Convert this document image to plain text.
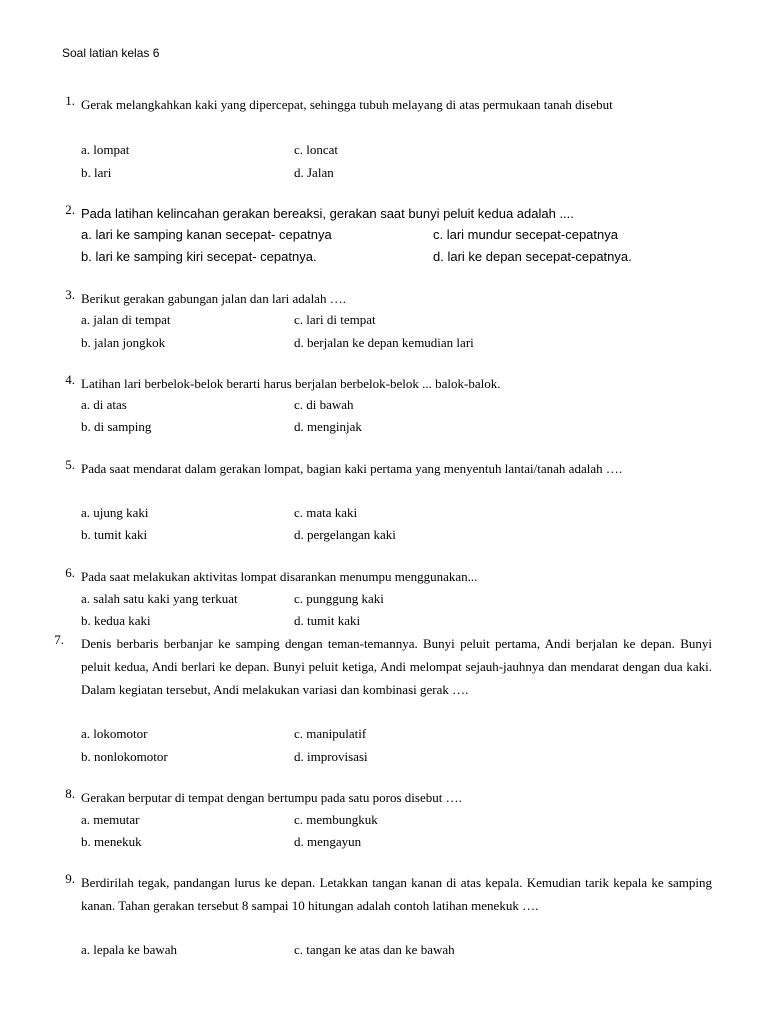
Soal latian kelas 6
1. Gerak melangkahkan kaki yang dipercepat, sehingga tubuh melayang di atas permukaan tanah disebut
a. lompat	c. loncat
b. lari	d. Jalan
2. Pada latihan kelincahan gerakan bereaksi, gerakan saat bunyi peluit kedua adalah ....
a. lari ke samping kanan secepat- cepatnya	c. lari mundur secepat-cepatnya
b. lari ke samping kiri secepat- cepatnya.	d. lari ke depan secepat-cepatnya.
3. Berikut gerakan gabungan jalan dan lari adalah ….
a. jalan di tempat	c. lari di tempat
b. jalan jongkok	d. berjalan ke depan kemudian lari
4. Latihan lari berbelok-belok berarti harus berjalan berbelok-belok ... balok-balok.
a. di atas	c. di bawah
b. di samping	d. menginjak
5. Pada saat mendarat dalam gerakan lompat, bagian kaki pertama yang menyentuh lantai/tanah adalah ….
a. ujung kaki	c. mata kaki
b. tumit kaki	d. pergelangan kaki
6. Pada saat melakukan aktivitas lompat disarankan menumpu menggunakan...
a. salah satu kaki yang terkuat	c. punggung kaki
b. kedua kaki	d. tumit kaki
7. Denis berbaris berbanjar ke samping dengan teman-temannya. Bunyi peluit pertama, Andi berjalan ke depan. Bunyi peluit kedua, Andi berlari ke depan. Bunyi peluit ketiga, Andi melompat sejauh-jauhnya dan mendarat dengan dua kaki. Dalam kegiatan tersebut, Andi melakukan variasi dan kombinasi gerak ….
a. lokomotor	c. manipulatif
b. nonlokomotor	d. improvisasi
8. Gerakan berputar di tempat dengan bertumpu pada satu poros disebut ….
a. memutar	c. membungkuk
b. menekuk	d. mengayun
9. Berdirilah tegak, pandangan lurus ke depan. Letakkan tangan kanan di atas kepala. Kemudian tarik kepala ke samping kanan. Tahan gerakan tersebut 8 sampai 10 hitungan adalah contoh latihan menekuk ….
a. lepala ke bawah	c. tangan ke atas dan ke bawah
